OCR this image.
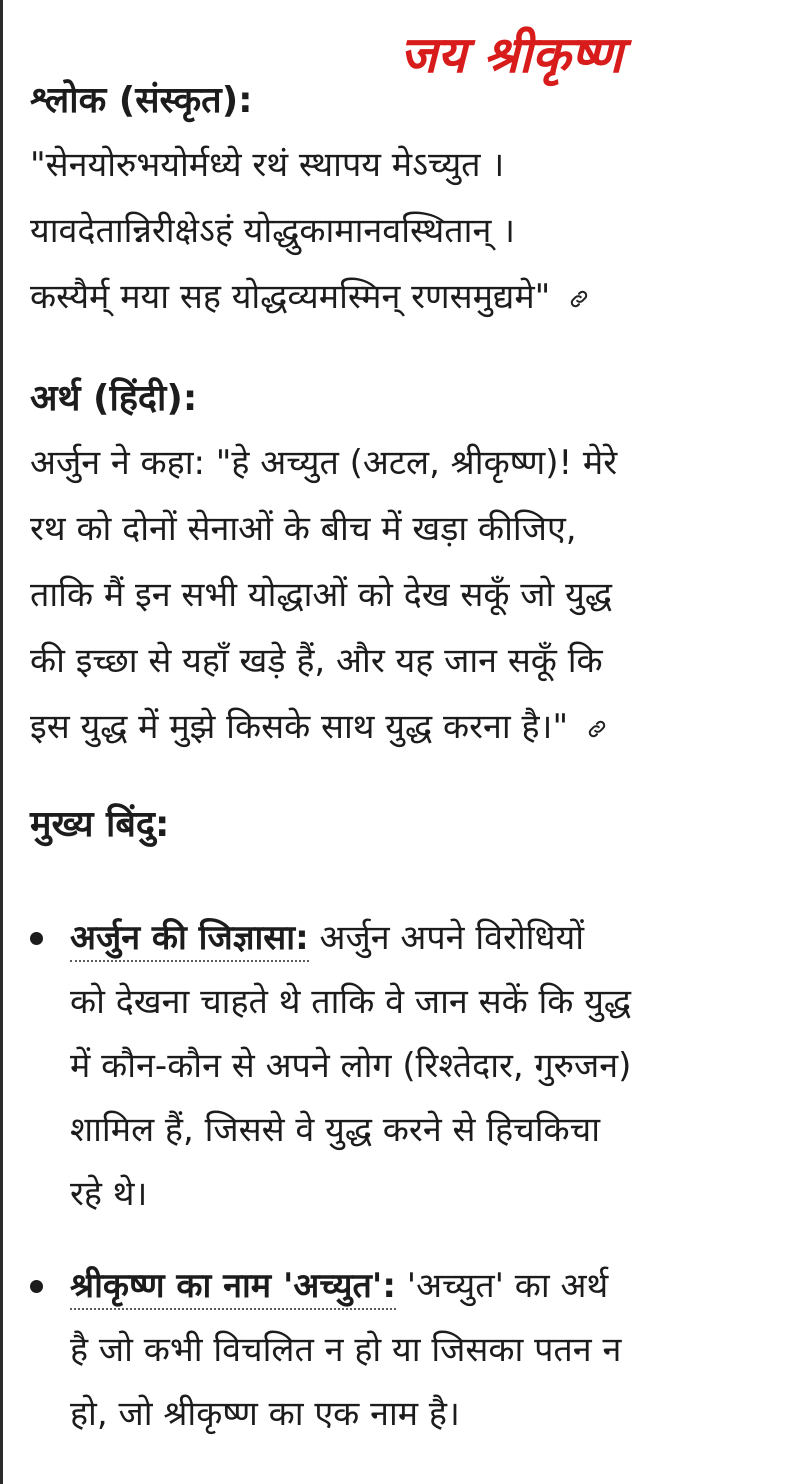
जय श्रीकृष्ण
श्लोक (संस्कृत):

"सेनयोरुभयोर्मध्ये रथं स्थापय मेऽच्युत ।
यावदेतान्निरीक्षेऽहं योद्धुकामानवस्थितान् ।
कस्यैर्म् मया सह योद्धव्यमस्मिन् रणसमुद्यमे"

अर्थ (हिंदी):

अर्जुन ने कहा: "हे अच्युत (अटल, श्रीकृष्ण)! मेरे
रथ को दोनों सेनाओं के बीच में खड़ा कीजिए,
ताकि मैं इन सभी योद्धाओं को देख सकूँ जो युद्ध
की इच्छा से यहाँ खड़े हैं, और यह जान सकूँ कि
इस युद्ध में मुझे किसके साथ युद्ध करना है।"

मुख्य बिंदु:
अर्जुन की जिज्ञासा: अर्जुन अपने विरोधियों
को देखना चाहते थे ताकि वे जान सकें कि युद्ध
में कौन-कौन से अपने लोग (रिश्तेदार, गुरुजन)
शामिल हैं, जिससे वे युद्ध करने से हिचकिचा
रहे थे।
श्रीकृष्ण का नाम 'अच्युत': 'अच्युत' का अर्थ
है जो कभी विचलित न हो या जिसका पतन न
हो, जो श्रीकृष्ण का एक नाम है।
